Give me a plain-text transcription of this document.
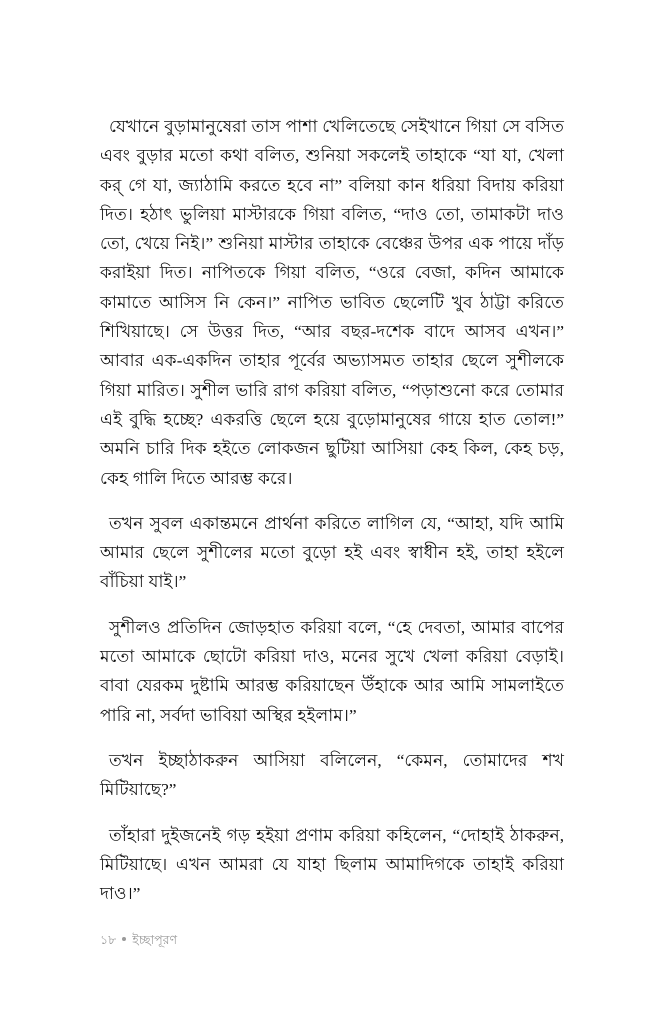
যেখানে বুড়ামানুষেরা তাস পাশা খেলিতেছে সেইখানে গিয়া সে বসিত এবং বুড়ার মতো কথা বলিত, শুনিয়া সকলেই তাহাকে “যা যা, খেলা কর্ গে যা, জ্যাঠামি করতে হবে না” বলিয়া কান ধরিয়া বিদায় করিয়া দিত। হঠাৎ ভুলিয়া মাস্টারকে গিয়া বলিত, “দাও তো, তামাকটা দাও তো, খেয়ে নিই।” শুনিয়া মাস্টার তাহাকে বেঞ্চের উপর এক পায়ে দাঁড় করাইয়া দিত। নাপিতকে গিয়া বলিত, “ওরে বেজা, কদিন আমাকে কামাতে আসিস নি কেন।” নাপিত ভাবিত ছেলেটি খুব ঠাট্টা করিতে শিখিয়াছে। সে উত্তর দিত, “আর বছর-দশেক বাদে আসব এখন।” আবার এক-একদিন তাহার পূর্বের অভ্যাসমত তাহার ছেলে সুশীলকে গিয়া মারিত। সুশীল ভারি রাগ করিয়া বলিত, “পড়াশুনো করে তোমার এই বুদ্ধি হচ্ছে? একরত্তি ছেলে হয়ে বুড়োমানুষের গায়ে হাত তোল!” অমনি চারি দিক হইতে লোকজন ছুটিয়া আসিয়া কেহ কিল, কেহ চড়, কেহ গালি দিতে আরম্ভ করে।

তখন সুবল একান্তমনে প্রার্থনা করিতে লাগিল যে, “আহা, যদি আমি আমার ছেলে সুশীলের মতো বুড়ো হই এবং স্বাধীন হই, তাহা হইলে বাঁচিয়া যাই।”

সুশীলও প্রতিদিন জোড়হাত করিয়া বলে, “হে দেবতা, আমার বাপের মতো আমাকে ছোটো করিয়া দাও, মনের সুখে খেলা করিয়া বেড়াই। বাবা যেরকম দুষ্টামি আরম্ভ করিয়াছেন উঁহাকে আর আমি সামলাইতে পারি না, সর্বদা ভাবিয়া অস্থির হইলাম।”

তখন ইচ্ছাঠাকরুন আসিয়া বলিলেন, “কেমন, তোমাদের শখ মিটিয়াছে?”

তাঁহারা দুইজনেই গড় হইয়া প্রণাম করিয়া কহিলেন, “দোহাই ঠাকরুন, মিটিয়াছে। এখন আমরা যে যাহা ছিলাম আমাদিগকে তাহাই করিয়া দাও।”

১৮ ইচ্ছাপূরণ
